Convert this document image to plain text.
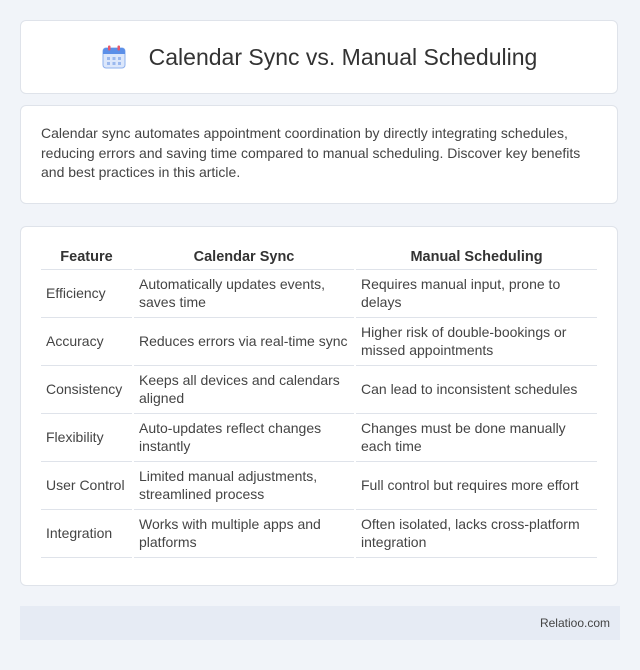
Calendar Sync vs. Manual Scheduling

Calendar sync automates appointment coordination by directly integrating schedules, reducing errors and saving time compared to manual scheduling. Discover key benefits and best practices in this article.

Feature	Calendar Sync	Manual Scheduling
Efficiency	Automatically updates events, saves time	Requires manual input, prone to delays
Accuracy	Reduces errors via real-time sync	Higher risk of double-bookings or missed appointments
Consistency	Keeps all devices and calendars aligned	Can lead to inconsistent schedules
Flexibility	Auto-updates reflect changes instantly	Changes must be done manually each time
User Control	Limited manual adjustments, streamlined process	Full control but requires more effort
Integration	Works with multiple apps and platforms	Often isolated, lacks cross-platform integration
Relatioo.com
